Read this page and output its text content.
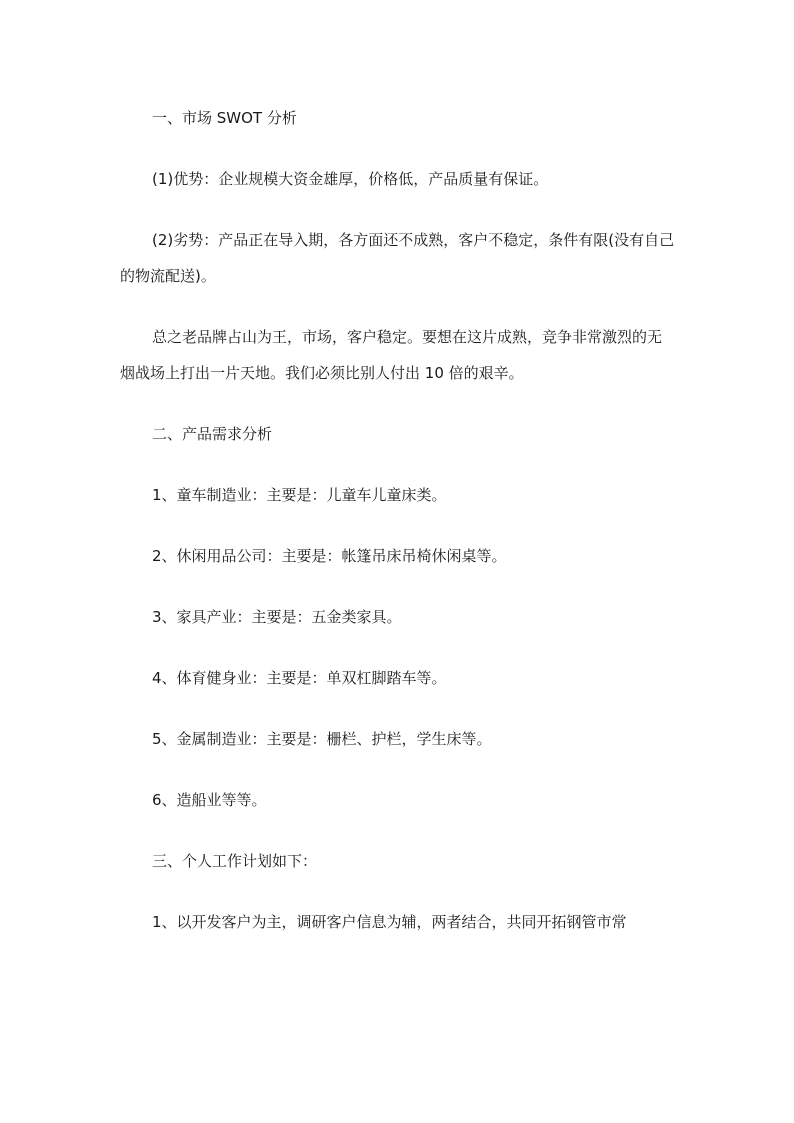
一、市场 SWOT 分析

(1)优势：企业规模大资金雄厚，价格低，产品质量有保证。

(2)劣势：产品正在导入期，各方面还不成熟，客户不稳定，条件有限(没有自己的物流配送)。

总之老品牌占山为王，市场，客户稳定。要想在这片成熟，竞争非常激烈的无烟战场上打出一片天地。我们必须比别人付出 10 倍的艰辛。

二、产品需求分析

1、童车制造业：主要是：儿童车儿童床类。

2、休闲用品公司：主要是：帐篷吊床吊椅休闲桌等。

3、家具产业：主要是：五金类家具。

4、体育健身业：主要是：单双杠脚踏车等。

5、金属制造业：主要是：栅栏、护栏，学生床等。

6、造船业等等。

三、个人工作计划如下：

1、以开发客户为主，调研客户信息为辅，两者结合，共同开拓钢管市常
